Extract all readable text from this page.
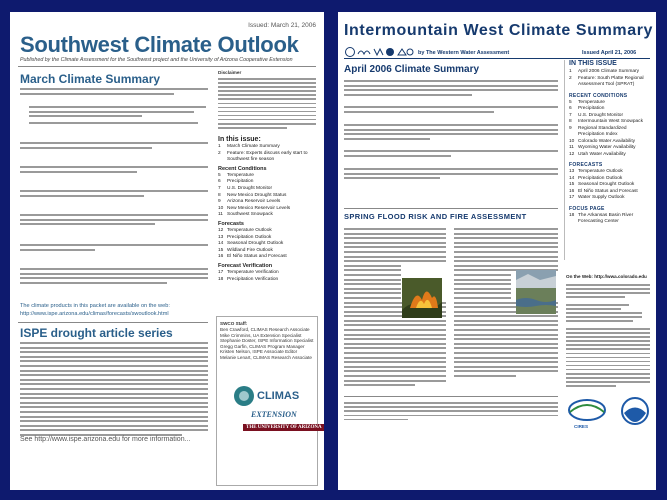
Issued: March 21, 2006
Southwest Climate Outlook
Published by the Climate Assessment for the Southwest project and the University of Arizona Cooperative Extension
March Climate Summary
The climate products in this packet are available on the web:
http://www.ispe.arizona.edu/climas/forecasts/swoutlook.html
ISPE drought article series
See http://www.ispe.arizona.edu for more information...
Disclaimer
In this issue:
1 March Climate Summary
2 Feature: Experts discuss early start to
Southwest fire season
Recent Conditions
5 Temperature
6 Precipitation
7 U.S. Drought Monitor
8 New Mexico Drought Status
9 Arizona Reservoir Levels
10 New Mexico Reservoir Levels
11 Southwest Snowpack
Forecasts
12 Temperature Outlook
13 Precipitation Outlook
14 Seasonal Drought Outlook
15 Wildland Fire Outlook
16 El Niño Status and Forecast
Forecast Verification
17 Temperature Verification
18 Precipitation Verification
SWCO Staff:
Ben Crawford, CLIMAS Research Associate
Mike Crimmins, UA Extension Specialist
Stephanie Doster, ISPE Information Specialist
Gregg Garfin, CLIMAS Program Manager
Kristen Nelson, ISPE Associate Editor
Melanie Lenart, CLIMAS Research Associate
CLIMAS
EXTENSION
THE UNIVERSITY OF ARIZONA
Intermountain West Climate Summary
by The Western Water Assessment	Issued April 21, 2006
April 2006 Climate Summary
SPRING FLOOD RISK AND FIRE ASSESSMENT
IN THIS ISSUE
1 April 2006 Climate Summary
2 Feature: South Platte Regional
Assessment Tool (SPRAT)
RECENT CONDITIONS
5 Temperature
6 Precipitation
7 U.S. Drought Monitor
8 Intermountain West Snowpack
9 Regional Standardized
Precipitation Index
10 Colorado Water Availability
11 Wyoming Water Availability
12 Utah Water Availability
FORECASTS
13 Temperature Outlook
14 Precipitation Outlook
15 Seasonal Drought Outlook
16 El Niño Status and Forecast
17 Water Supply Outlook
FOCUS PAGE
18 The Arkansas Basin River
Forecasting Center
On the Web: http://wwa.colorado.edu
CIRES
